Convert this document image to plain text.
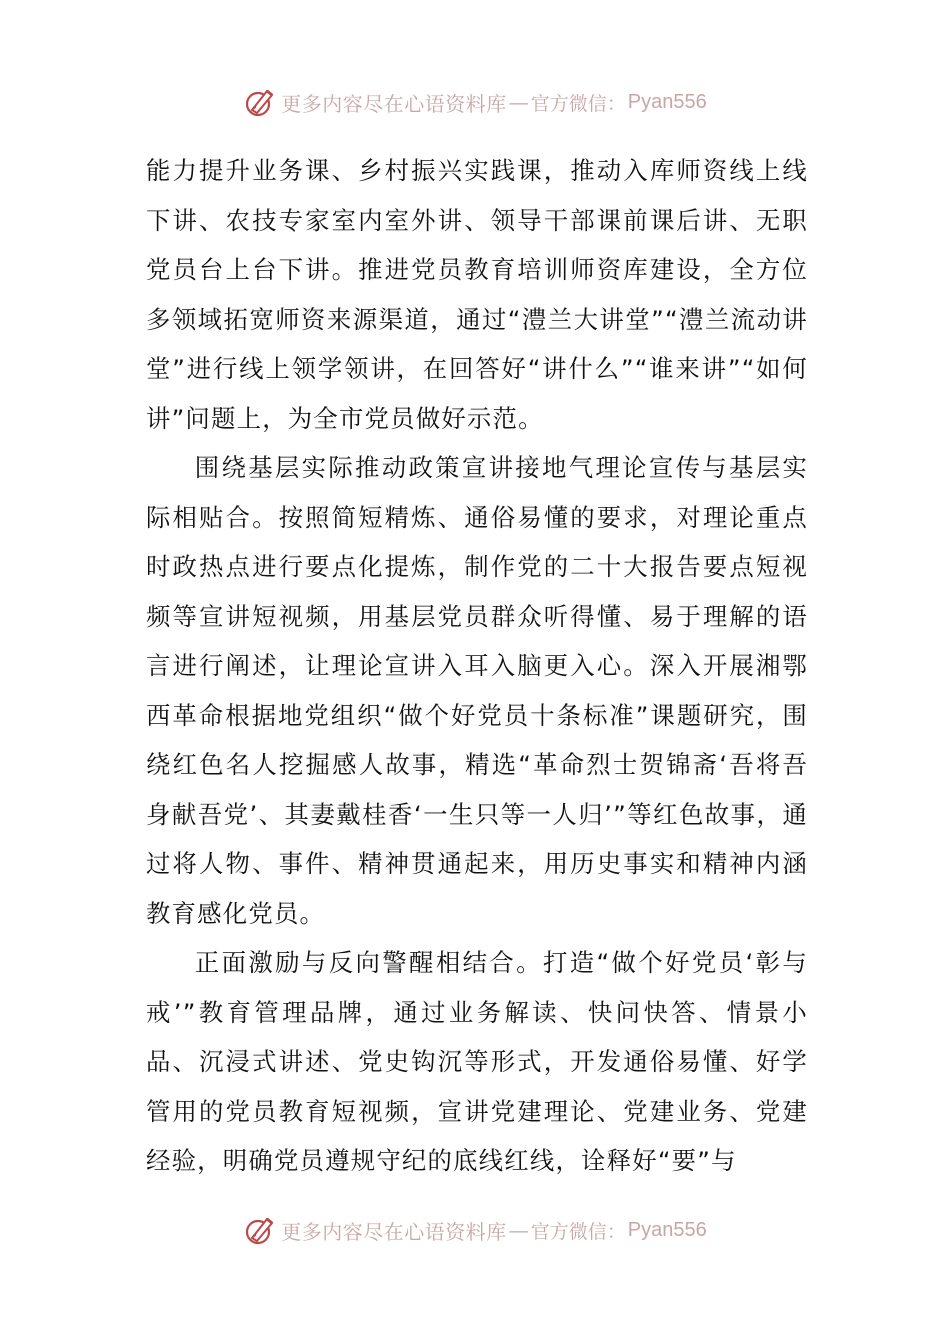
更多内容尽在心语资料库 — 官方微信： Pyan556

能力提升业务课、乡村振兴实践课，推动入库师资线上线下讲、农技专家室内室外讲、领导干部课前课后讲、无职党员台上台下讲。推进党员教育培训师资库建设，全方位多领域拓宽师资来源渠道，通过“澧兰大讲堂”“澧兰流动讲堂”进行线上领学领讲，在回答好“讲什么”“谁来讲”“如何讲”问题上，为全市党员做好示范。

围绕基层实际推动政策宣讲接地气理论宣传与基层实际相贴合。按照简短精炼、通俗易懂的要求，对理论重点时政热点进行要点化提炼，制作党的二十大报告要点短视频等宣讲短视频，用基层党员群众听得懂、易于理解的语言进行阐述，让理论宣讲入耳入脑更入心。深入开展湘鄂西革命根据地党组织“做个好党员十条标准”课题研究，围绕红色名人挖掘感人故事，精选“革命烈士贺锦斋‘吾将吾身献吾党’、其妻戴桂香‘一生只等一人归’”等红色故事，通过将人物、事件、精神贯通起来，用历史事实和精神内涵教育感化党员。

正面激励与反向警醒相结合。打造“做个好党员‘彰与戒’”教育管理品牌，通过业务解读、快问快答、情景小品、沉浸式讲述、党史钩沉等形式，开发通俗易懂、好学管用的党员教育短视频，宣讲党建理论、党建业务、党建经验，明确党员遵规守纪的底线红线，诠释好“要”与

更多内容尽在心语资料库 — 官方微信： Pyan556
